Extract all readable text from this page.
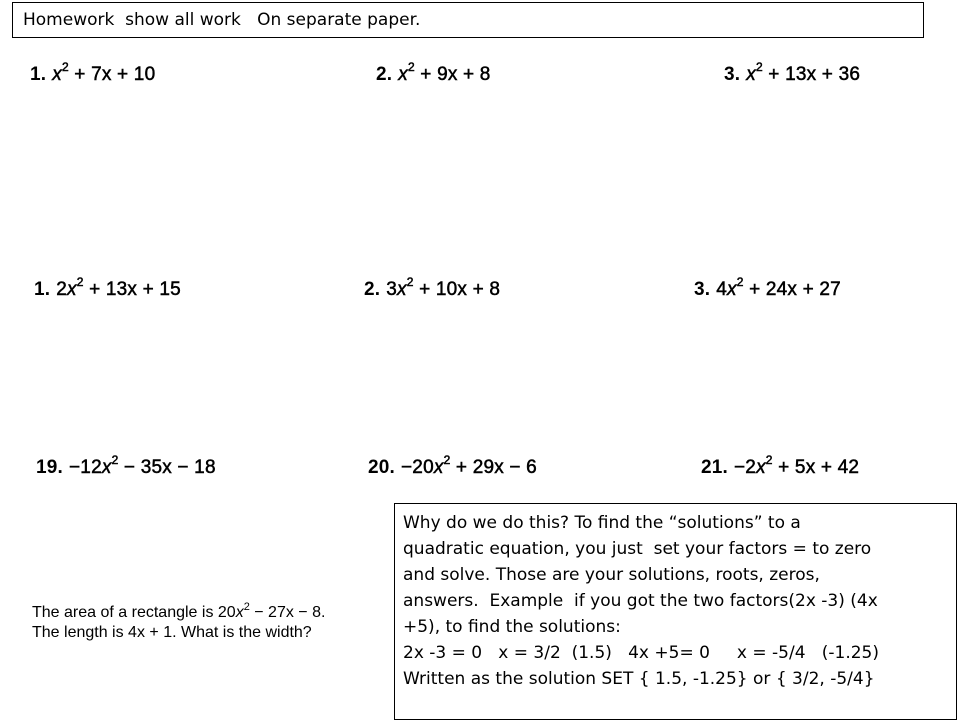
Homework  show all work   On separate paper.
1. $x^2 + 7x + 10$	2. $x^2 + 9x + 8$	3. $x^2 + 13x + 36$
1. $2x^2 + 13x + 15$	2. $3x^2 + 10x + 8$	3. $4x^2 + 24x + 27$
19. $-12x^2 - 35x - 18$	20. $-20x^2 + 29x - 6$	21. $-2x^2 + 5x + 42$
The area of a rectangle is $20x^2 - 27x - 8$.
The length is 4x + 1. What is the width?
Why do we do this? To find the “solutions” to a
quadratic equation, you just  set your factors = to zero
and solve. Those are your solutions, roots, zeros,
answers.  Example  if you got the two factors(2x -3) (4x
+5), to find the solutions:
2x -3 = 0   x = 3/2  (1.5)   4x +5= 0     x = -5/4   (-1.25)
Written as the solution SET { 1.5, -1.25} or { 3/2, -5/4}
